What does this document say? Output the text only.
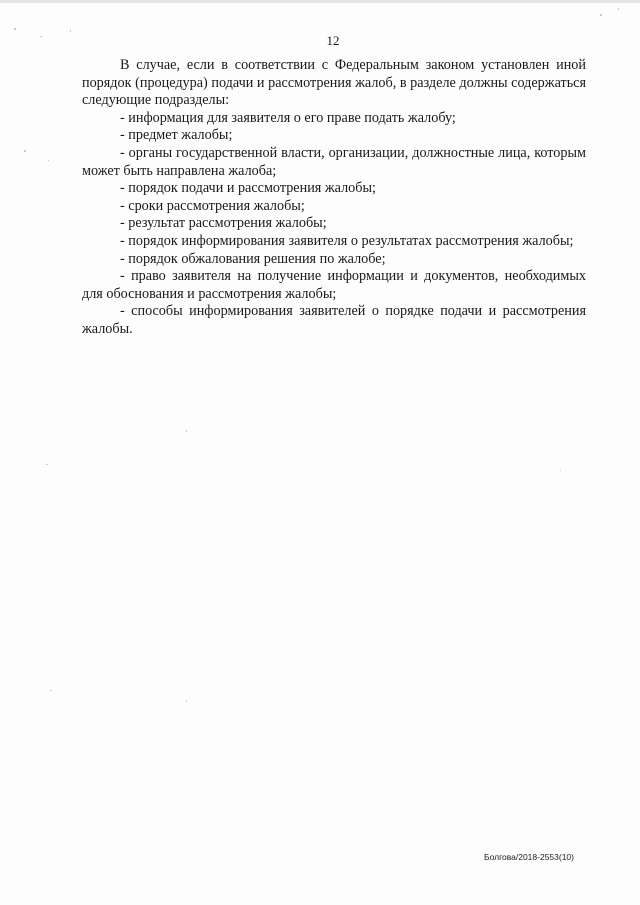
12

В случае, если в соответствии с Федеральным законом установлен иной порядок (процедура) подачи и рассмотрения жалоб, в разделе должны содержаться следующие подразделы:

- информация для заявителя о его праве подать жалобу;

- предмет жалобы;

- органы государственной власти, организации, должностные лица, которым может быть направлена жалоба;

- порядок подачи и рассмотрения жалобы;

- сроки рассмотрения жалобы;

- результат рассмотрения жалобы;

- порядок информирования заявителя о результатах рассмотрения жалобы;

- порядок обжалования решения по жалобе;

- право заявителя на получение информации и документов, необходимых для обоснования и рассмотрения жалобы;

- способы информирования заявителей о порядке подачи и рассмотрения жалобы.

Болгова/2018-2553(10)
